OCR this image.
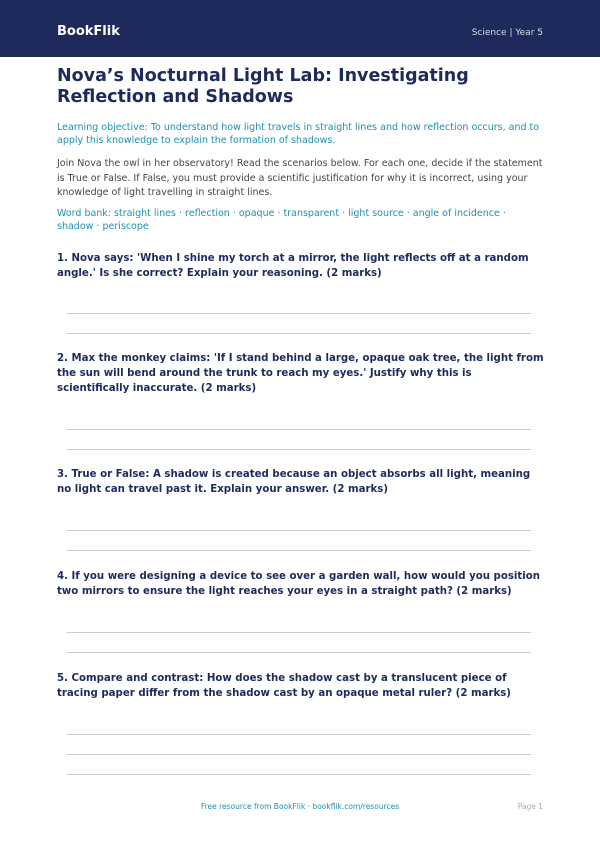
BookFlik	Science | Year 5
Nova’s Nocturnal Light Lab: Investigating Reflection and Shadows
Learning objective: To understand how light travels in straight lines and how reflection occurs, and to apply this knowledge to explain the formation of shadows.
Join Nova the owl in her observatory! Read the scenarios below. For each one, decide if the statement is True or False. If False, you must provide a scientific justification for why it is incorrect, using your knowledge of light travelling in straight lines.
Word bank: straight lines · reflection · opaque · transparent · light source · angle of incidence · shadow · periscope
1. Nova says: 'When I shine my torch at a mirror, the light reflects off at a random angle.' Is she correct? Explain your reasoning. (2 marks)
2. Max the monkey claims: 'If I stand behind a large, opaque oak tree, the light from the sun will bend around the trunk to reach my eyes.' Justify why this is scientifically inaccurate. (2 marks)
3. True or False: A shadow is created because an object absorbs all light, meaning no light can travel past it. Explain your answer. (2 marks)
4. If you were designing a device to see over a garden wall, how would you position two mirrors to ensure the light reaches your eyes in a straight path? (2 marks)
5. Compare and contrast: How does the shadow cast by a translucent piece of tracing paper differ from the shadow cast by an opaque metal ruler? (2 marks)
Free resource from BookFlik · bookflik.com/resources	Page 1
